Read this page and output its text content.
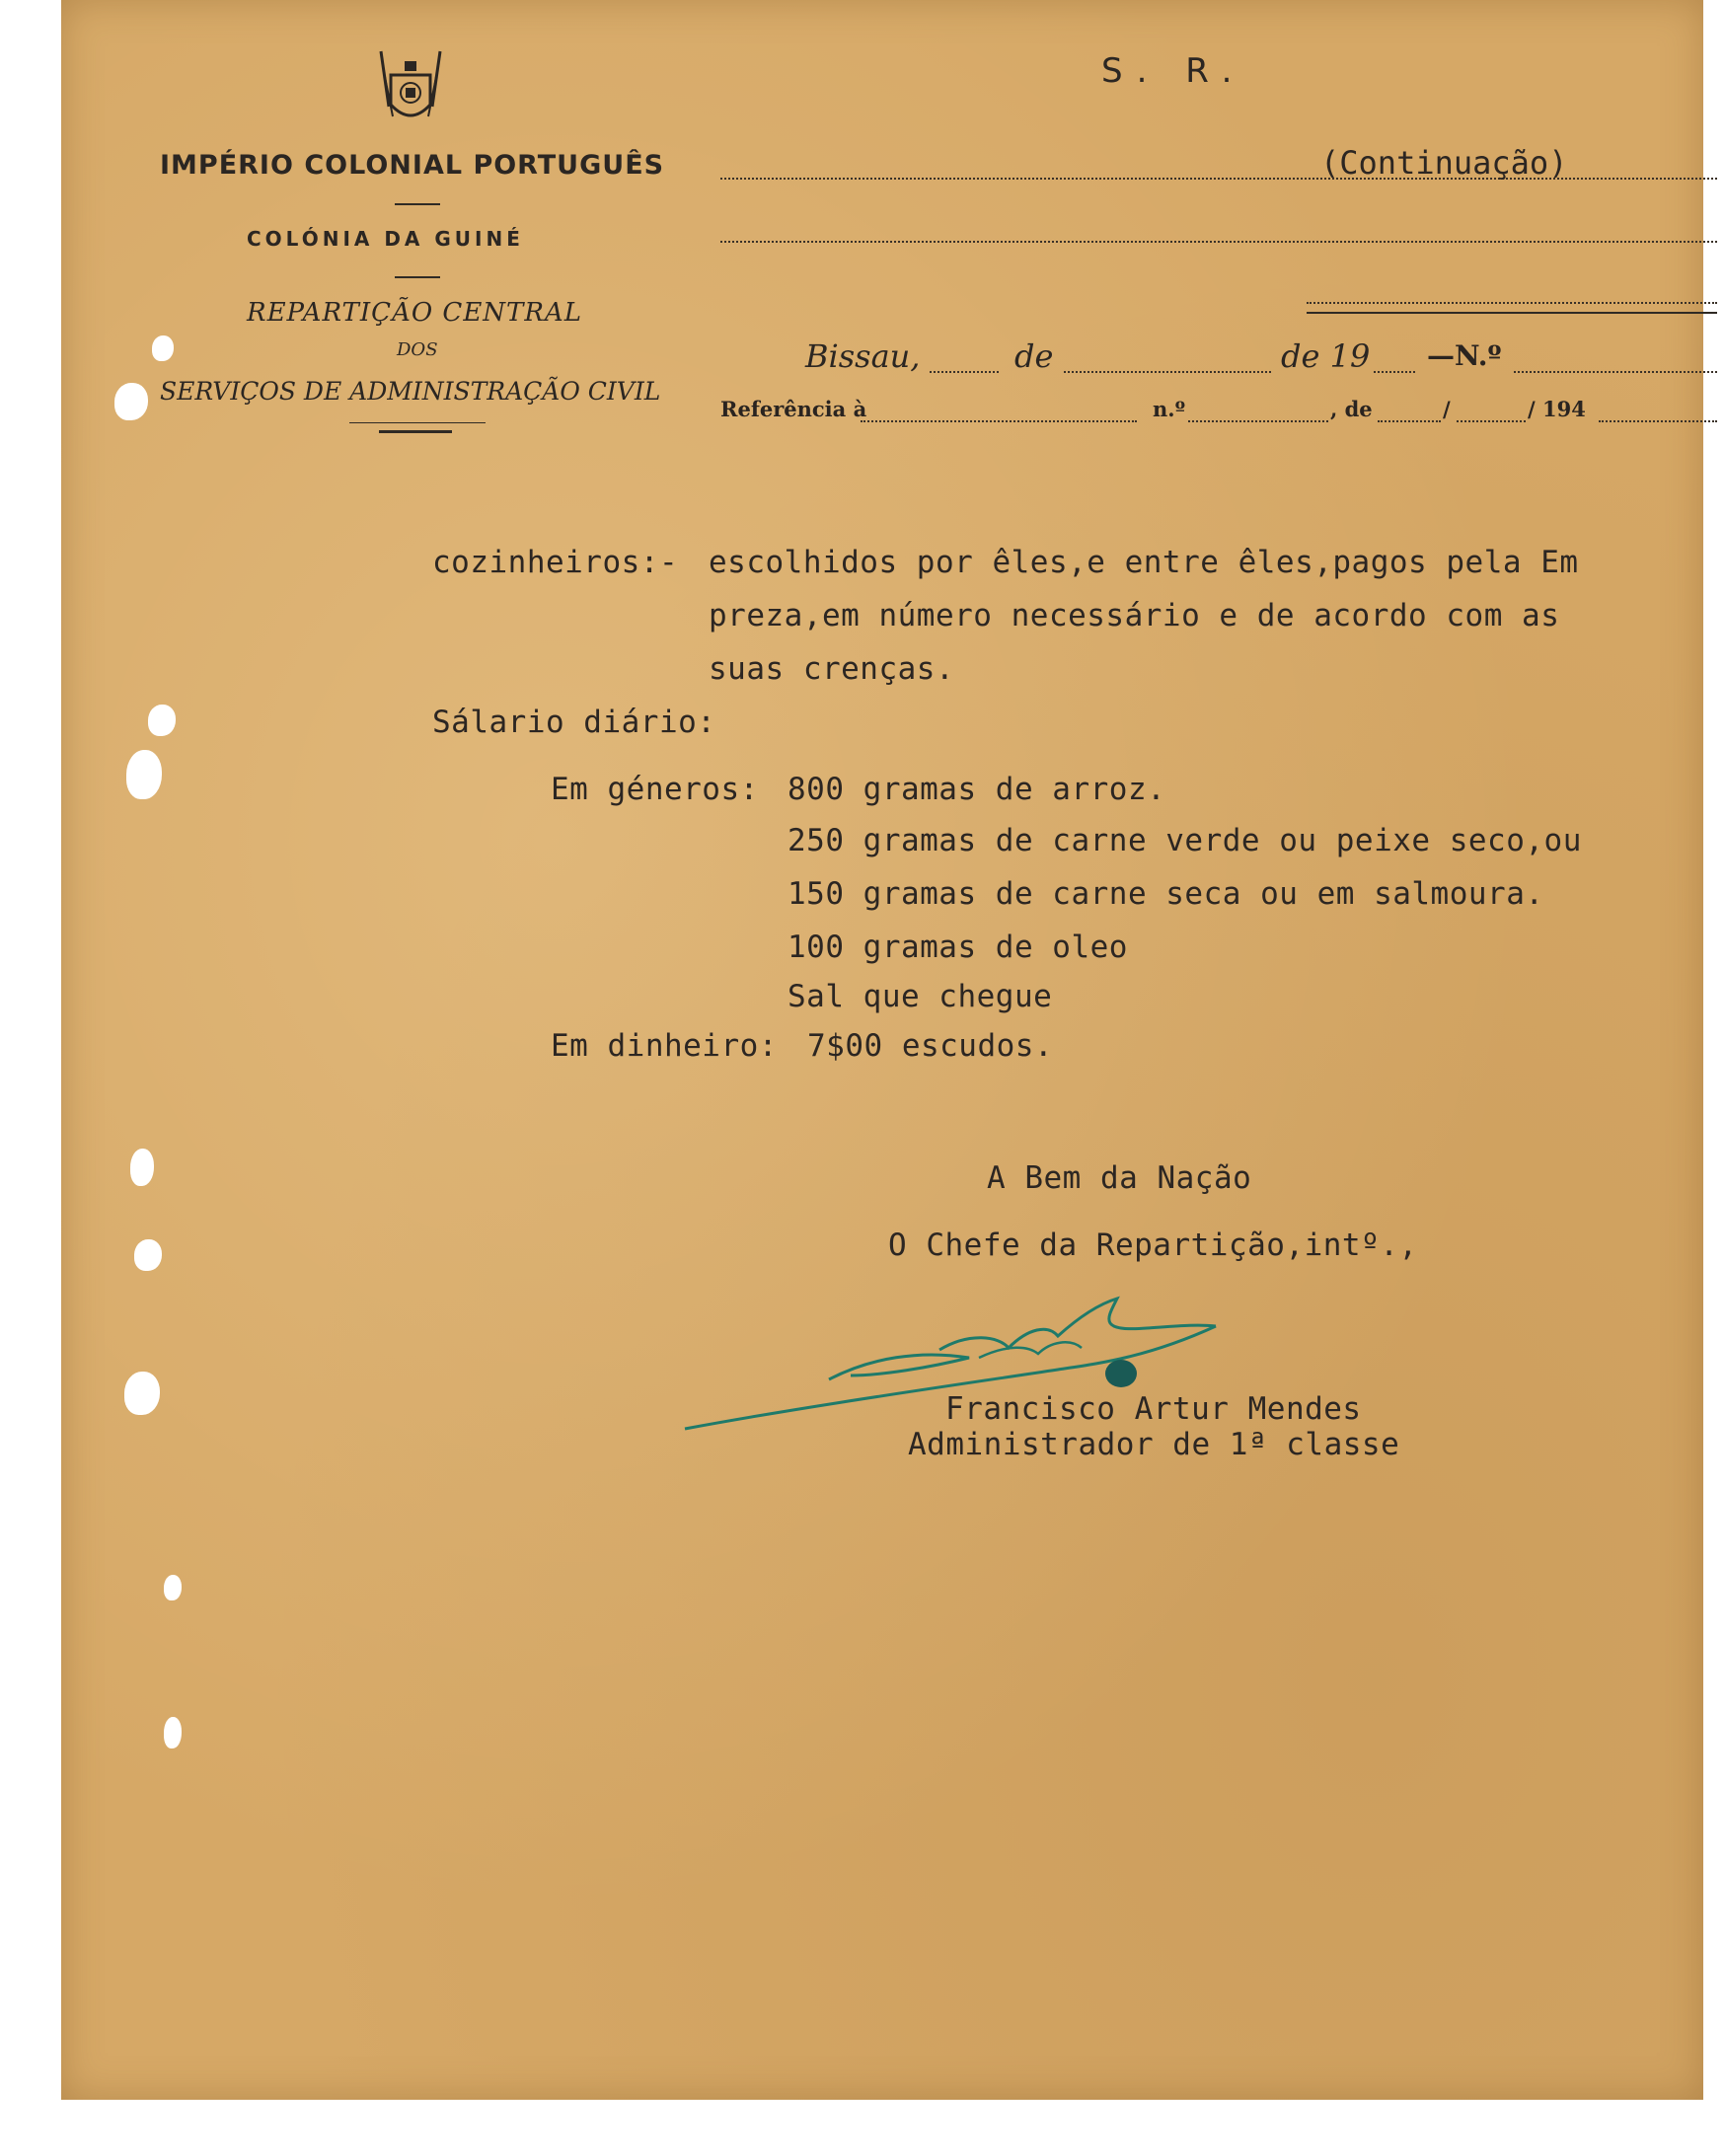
S. R.
IMPÉRIO COLONIAL PORTUGUÊS
COLÓNIA DA GUINÉ
REPARTIÇÃO CENTRAL
DOS
SERVIÇOS DE ADMINISTRAÇÃO CIVIL
(Continuação)
Bissau,	de	de 19 —N.º
Referência à	n.º	, de	/	/ 194
cozinheiros:- escolhidos por êles,e entre êles,pagos pela Em
preza,em número necessário e de acordo com as
suas crenças.
Sálario diário:
Em géneros: 800 gramas de arroz.
250 gramas de carne verde ou peixe seco,ou
150 gramas de carne seca ou em salmoura.
100 gramas de oleo
Sal que chegue
Em dinheiro: 7$00 escudos.
A Bem da Nação
O Chefe da Repartição,intº.,
Francisco Artur Mendes
Administrador de 1ª classe
